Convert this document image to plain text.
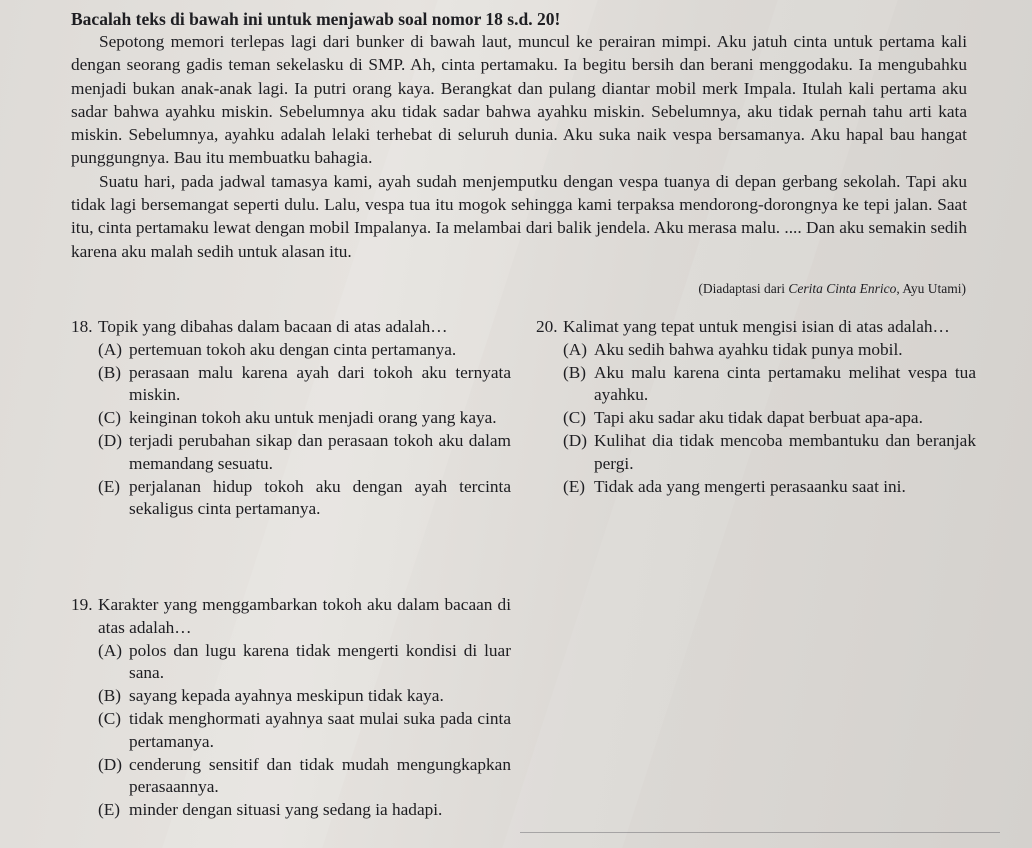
Bacalah teks di bawah ini untuk menjawab soal nomor 18 s.d. 20!

Sepotong memori terlepas lagi dari bunker di bawah laut, muncul ke perairan mimpi. Aku jatuh cinta untuk pertama kali dengan seorang gadis teman sekelasku di SMP. Ah, cinta pertamaku. Ia begitu bersih dan berani menggodaku. Ia mengubahku menjadi bukan anak-anak lagi. Ia putri orang kaya. Berangkat dan pulang diantar mobil merk Impala. Itulah kali pertama aku sadar bahwa ayahku miskin. Sebelumnya aku tidak sadar bahwa ayahku miskin. Sebelumnya, aku tidak pernah tahu arti kata miskin. Sebelumnya, ayahku adalah lelaki terhebat di seluruh dunia. Aku suka naik vespa bersamanya. Aku hapal bau hangat punggungnya. Bau itu membuatku bahagia.

Suatu hari, pada jadwal tamasya kami, ayah sudah menjemputku dengan vespa tuanya di depan gerbang sekolah. Tapi aku tidak lagi bersemangat seperti dulu. Lalu, vespa tua itu mogok sehingga kami terpaksa mendorong-dorongnya ke tepi jalan. Saat itu, cinta pertamaku lewat dengan mobil Impalanya. Ia melambai dari balik jendela. Aku merasa malu. .... Dan aku semakin sedih karena aku malah sedih untuk alasan itu.

(Diadaptasi dari Cerita Cinta Enrico, Ayu Utami)
18. Topik yang dibahas dalam bacaan di atas adalah…
(A) pertemuan tokoh aku dengan cinta pertamanya.
(B) perasaan malu karena ayah dari tokoh aku ternyata miskin.
(C) keinginan tokoh aku untuk menjadi orang yang kaya.
(D) terjadi perubahan sikap dan perasaan tokoh aku dalam memandang sesuatu.
(E) perjalanan hidup tokoh aku dengan ayah tercinta sekaligus cinta pertamanya.
19. Karakter yang menggambarkan tokoh aku dalam bacaan di atas adalah…
(A) polos dan lugu karena tidak mengerti kondisi di luar sana.
(B) sayang kepada ayahnya meskipun tidak kaya.
(C) tidak menghormati ayahnya saat mulai suka pada cinta pertamanya.
(D) cenderung sensitif dan tidak mudah mengungkapkan perasaannya.
(E) minder dengan situasi yang sedang ia hadapi.
20. Kalimat yang tepat untuk mengisi isian di atas adalah…
(A) Aku sedih bahwa ayahku tidak punya mobil.
(B) Aku malu karena cinta pertamaku melihat vespa tua ayahku.
(C) Tapi aku sadar aku tidak dapat berbuat apa-apa.
(D) Kulihat dia tidak mencoba membantuku dan beranjak pergi.
(E) Tidak ada yang mengerti perasaanku saat ini.
